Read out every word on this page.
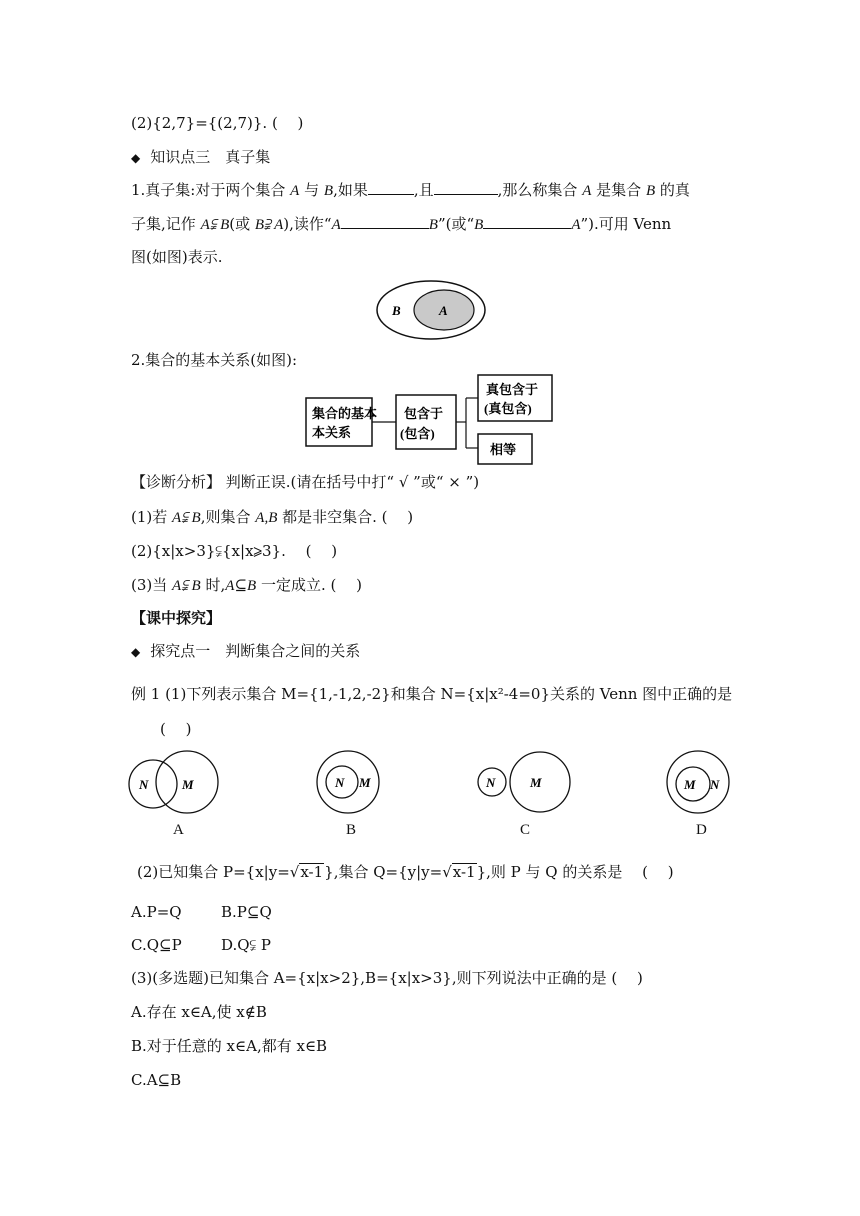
(2){2,7}={(2,7)}. (　 )
◆ 知识点三　真子集
1.真子集:对于两个集合 A 与 B,如果	,且	,那么称集合 A 是集合 B 的真
子集,记作 A⫋ B(或 B⫌ A),读作“A	B”(或“B	A”).可用 Venn
图(如图)表示.
B	A
2.集合的基本关系(如图):
集合的基本
本关系
包含于
(包含)
真包含于
(真包含)
相等
【诊断分析】 判断正误.(请在括号中打“ √ ”或“ × ”)
(1)若 A⫋ B,则集合 A,B 都是非空集合. (　 )
(2){x|x>3}⫋{x|x⩾3}. 　(　 )
(3)当 A⫋ B 时,A⊆B 一定成立. (　 )
【课中探究】
◆ 探究点一　判断集合之间的关系
例 1 (1)下列表示集合 M={1,-1,2,-2}和集合 N={x|x²-4=0}关系的 Venn 图中正确的是
(　 )
N	M
A
N M
B
N	M
C
M N
D
(2)已知集合 P={x|y=√x-1},集合 Q={y|y=√x-1},则 P 与 Q 的关系是　 (　 )
A.P=Q	B.P⊆Q
C.Q⊆P	D.Q⫋ P
(3)(多选题)已知集合 A={x|x>2},B={x|x>3},则下列说法中正确的是 (　 )
A.存在 x∈A,使 x∉B
B.对于任意的 x∈A,都有 x∈B
C.A⊆B
